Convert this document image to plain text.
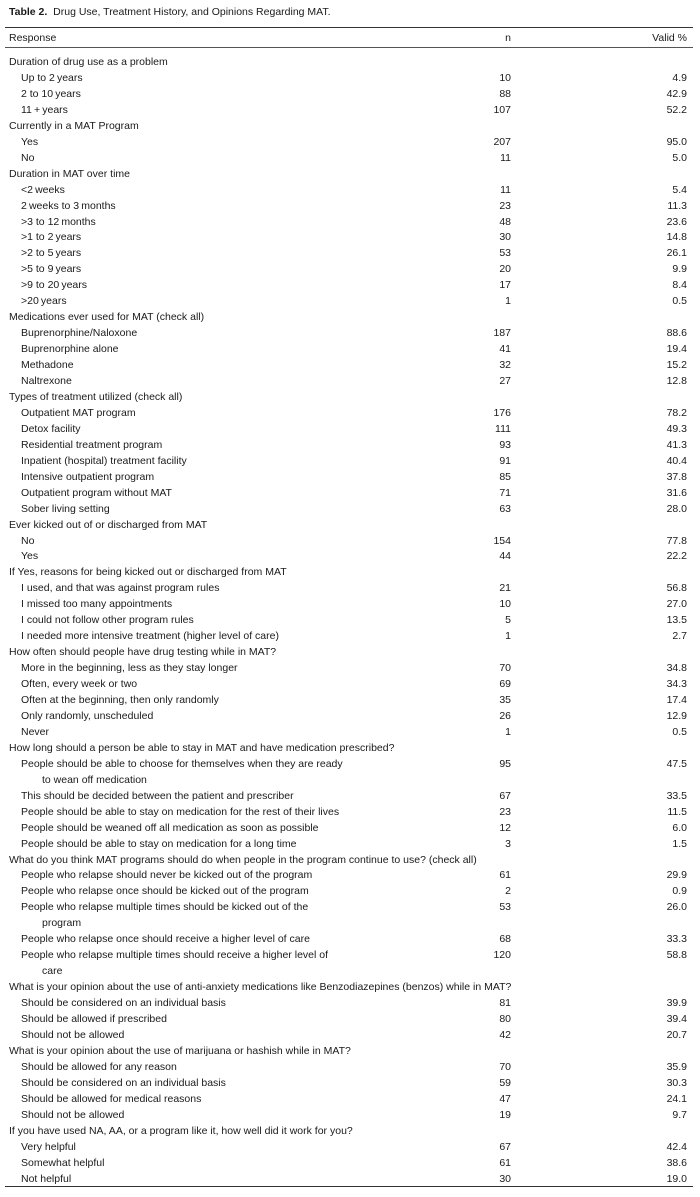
Table 2. Drug Use, Treatment History, and Opinions Regarding MAT.
Response	n	Valid %
Duration of drug use as a problem
Up to 2 years	10	4.9
2 to 10 years	88	42.9
11 + years	107	52.2
Currently in a MAT Program
Yes	207	95.0
No	11	5.0
Duration in MAT over time
<2 weeks	11	5.4
2 weeks to 3 months	23	11.3
>3 to 12 months	48	23.6
>1 to 2 years	30	14.8
>2 to 5 years	53	26.1
>5 to 9 years	20	9.9
>9 to 20 years	17	8.4
>20 years	1	0.5
Medications ever used for MAT (check all)
Buprenorphine/Naloxone	187	88.6
Buprenorphine alone	41	19.4
Methadone	32	15.2
Naltrexone	27	12.8
Types of treatment utilized (check all)
Outpatient MAT program	176	78.2
Detox facility	111	49.3
Residential treatment program	93	41.3
Inpatient (hospital) treatment facility	91	40.4
Intensive outpatient program	85	37.8
Outpatient program without MAT	71	31.6
Sober living setting	63	28.0
Ever kicked out of or discharged from MAT
No	154	77.8
Yes	44	22.2
If Yes, reasons for being kicked out or discharged from MAT
I used, and that was against program rules	21	56.8
I missed too many appointments	10	27.0
I could not follow other program rules	5	13.5
I needed more intensive treatment (higher level of care)	1	2.7
How often should people have drug testing while in MAT?
More in the beginning, less as they stay longer	70	34.8
Often, every week or two	69	34.3
Often at the beginning, then only randomly	35	17.4
Only randomly, unscheduled	26	12.9
Never	1	0.5
How long should a person be able to stay in MAT and have medication prescribed?
People should be able to choose for themselves when they are ready	95	47.5
to wean off medication
This should be decided between the patient and prescriber	67	33.5
People should be able to stay on medication for the rest of their lives	23	11.5
People should be weaned off all medication as soon as possible	12	6.0
People should be able to stay on medication for a long time	3	1.5
What do you think MAT programs should do when people in the program continue to use? (check all)
People who relapse should never be kicked out of the program	61	29.9
People who relapse once should be kicked out of the program	2	0.9
People who relapse multiple times should be kicked out of the	53	26.0
program
People who relapse once should receive a higher level of care	68	33.3
People who relapse multiple times should receive a higher level of	120	58.8
care
What is your opinion about the use of anti-anxiety medications like Benzodiazepines (benzos) while in MAT?
Should be considered on an individual basis	81	39.9
Should be allowed if prescribed	80	39.4
Should not be allowed	42	20.7
What is your opinion about the use of marijuana or hashish while in MAT?
Should be allowed for any reason	70	35.9
Should be considered on an individual basis	59	30.3
Should be allowed for medical reasons	47	24.1
Should not be allowed	19	9.7
If you have used NA, AA, or a program like it, how well did it work for you?
Very helpful	67	42.4
Somewhat helpful	61	38.6
Not helpful	30	19.0
